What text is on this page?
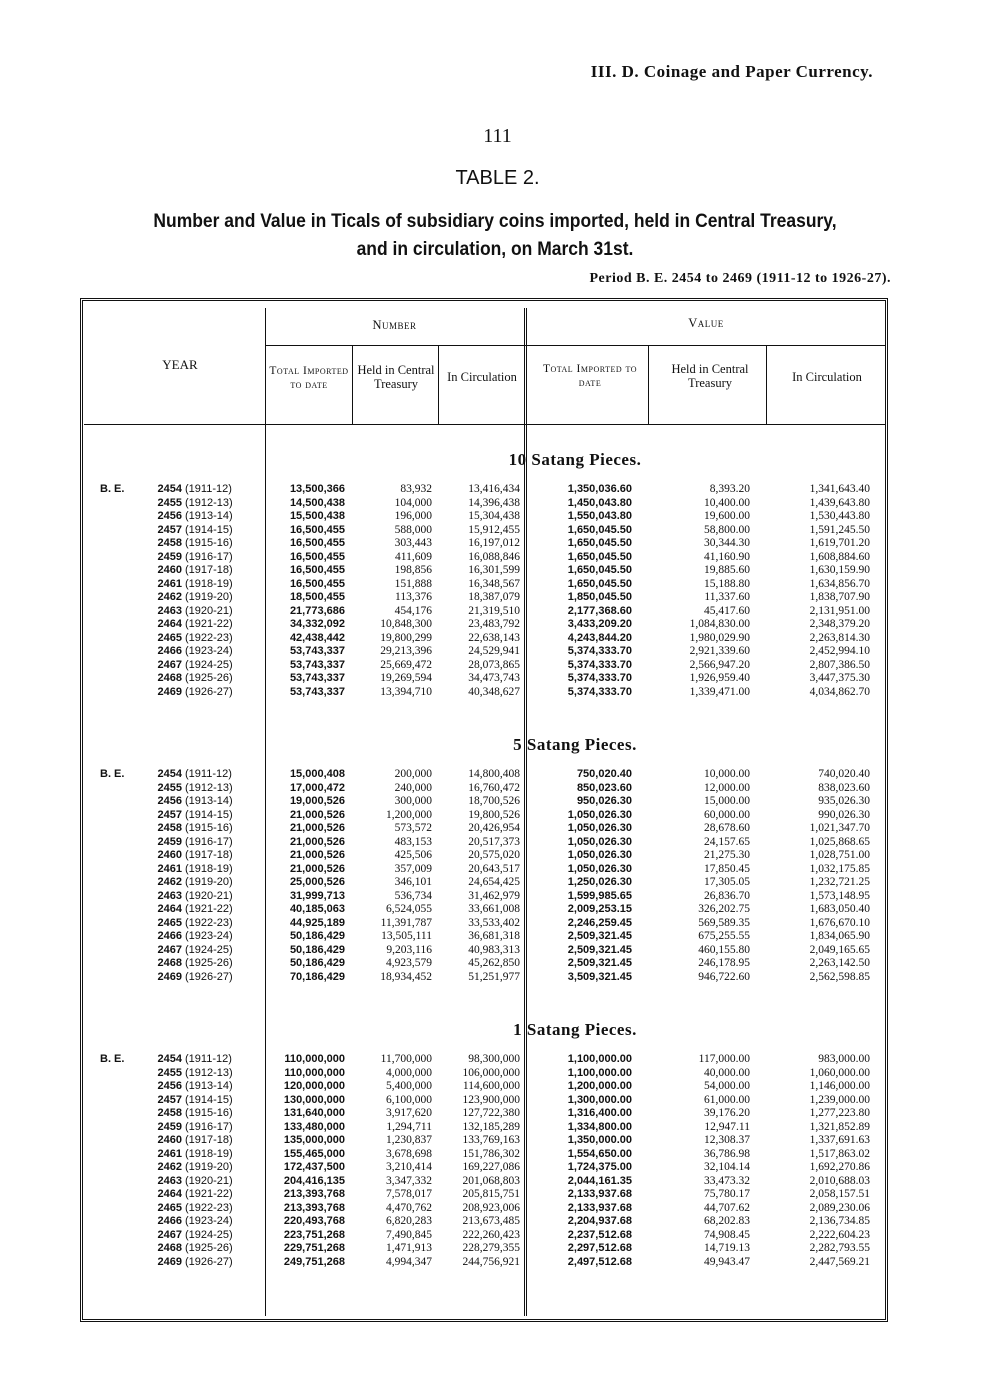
III. D. Coinage and Paper Currency.
111
TABLE 2.
Number and Value in Ticals of subsidiary coins imported, held in Central Treasury,
and in circulation, on March 31st.
Period B. E. 2454 to 2469 (1911-12 to 1926-27).
YEAR
Number	Value
Total Imported to date
Held in Central Treasury	In Circulation
Total Imported to date
Held in Central Treasury	In Circulation
10 Satang Pieces.
5 Satang Pieces.
1 Satang Pieces.
B. E.	2454 (1911-12)	13,500,366	83,932	13,416,434	1,350,036.60	8,393.20	1,341,643.40
2455 (1912-13)	14,500,438	104,000	14,396,438	1,450,043.80	10,400.00	1,439,643.80
2456 (1913-14)	15,500,438	196,000	15,304,438	1,550,043.80	19,600.00	1,530,443.80
2457 (1914-15)	16,500,455	588,000	15,912,455	1,650,045.50	58,800.00	1,591,245.50
2458 (1915-16)	16,500,455	303,443	16,197,012	1,650,045.50	30,344.30	1,619,701.20
2459 (1916-17)	16,500,455	411,609	16,088,846	1,650,045.50	41,160.90	1,608,884.60
2460 (1917-18)	16,500,455	198,856	16,301,599	1,650,045.50	19,885.60	1,630,159.90
2461 (1918-19)	16,500,455	151,888	16,348,567	1,650,045.50	15,188.80	1,634,856.70
2462 (1919-20)	18,500,455	113,376	18,387,079	1,850,045.50	11,337.60	1,838,707.90
2463 (1920-21)	21,773,686	454,176	21,319,510	2,177,368.60	45,417.60	2,131,951.00
2464 (1921-22)	34,332,092	10,848,300	23,483,792	3,433,209.20	1,084,830.00	2,348,379.20
2465 (1922-23)	42,438,442	19,800,299	22,638,143	4,243,844.20	1,980,029.90	2,263,814.30
2466 (1923-24)	53,743,337	29,213,396	24,529,941	5,374,333.70	2,921,339.60	2,452,994.10
2467 (1924-25)	53,743,337	25,669,472	28,073,865	5,374,333.70	2,566,947.20	2,807,386.50
2468 (1925-26)	53,743,337	19,269,594	34,473,743	5,374,333.70	1,926,959.40	3,447,375.30
2469 (1926-27)	53,743,337	13,394,710	40,348,627	5,374,333.70	1,339,471.00	4,034,862.70
B. E.	2454 (1911-12)	15,000,408	200,000	14,800,408	750,020.40	10,000.00	740,020.40
2455 (1912-13)	17,000,472	240,000	16,760,472	850,023.60	12,000.00	838,023.60
2456 (1913-14)	19,000,526	300,000	18,700,526	950,026.30	15,000.00	935,026.30
2457 (1914-15)	21,000,526	1,200,000	19,800,526	1,050,026.30	60,000.00	990,026.30
2458 (1915-16)	21,000,526	573,572	20,426,954	1,050,026.30	28,678.60	1,021,347.70
2459 (1916-17)	21,000,526	483,153	20,517,373	1,050,026.30	24,157.65	1,025,868.65
2460 (1917-18)	21,000,526	425,506	20,575,020	1,050,026.30	21,275.30	1,028,751.00
2461 (1918-19)	21,000,526	357,009	20,643,517	1,050,026.30	17,850.45	1,032,175.85
2462 (1919-20)	25,000,526	346,101	24,654,425	1,250,026.30	17,305.05	1,232,721.25
2463 (1920-21)	31,999,713	536,734	31,462,979	1,599,985.65	26,836.70	1,573,148.95
2464 (1921-22)	40,185,063	6,524,055	33,661,008	2,009,253.15	326,202.75	1,683,050.40
2465 (1922-23)	44,925,189	11,391,787	33,533,402	2,246,259.45	569,589.35	1,676,670.10
2466 (1923-24)	50,186,429	13,505,111	36,681,318	2,509,321.45	675,255.55	1,834,065.90
2467 (1924-25)	50,186,429	9,203,116	40,983,313	2,509,321.45	460,155.80	2,049,165.65
2468 (1925-26)	50,186,429	4,923,579	45,262,850	2,509,321.45	246,178.95	2,263,142.50
2469 (1926-27)	70,186,429	18,934,452	51,251,977	3,509,321.45	946,722.60	2,562,598.85
B. E.	2454 (1911-12)	110,000,000	11,700,000	98,300,000	1,100,000.00	117,000.00	983,000.00
2455 (1912-13)	110,000,000	4,000,000	106,000,000	1,100,000.00	40,000.00	1,060,000.00
2456 (1913-14)	120,000,000	5,400,000	114,600,000	1,200,000.00	54,000.00	1,146,000.00
2457 (1914-15)	130,000,000	6,100,000	123,900,000	1,300,000.00	61,000.00	1,239,000.00
2458 (1915-16)	131,640,000	3,917,620	127,722,380	1,316,400.00	39,176.20	1,277,223.80
2459 (1916-17)	133,480,000	1,294,711	132,185,289	1,334,800.00	12,947.11	1,321,852.89
2460 (1917-18)	135,000,000	1,230,837	133,769,163	1,350,000.00	12,308.37	1,337,691.63
2461 (1918-19)	155,465,000	3,678,698	151,786,302	1,554,650.00	36,786.98	1,517,863.02
2462 (1919-20)	172,437,500	3,210,414	169,227,086	1,724,375.00	32,104.14	1,692,270.86
2463 (1920-21)	204,416,135	3,347,332	201,068,803	2,044,161.35	33,473.32	2,010,688.03
2464 (1921-22)	213,393,768	7,578,017	205,815,751	2,133,937.68	75,780.17	2,058,157.51
2465 (1922-23)	213,393,768	4,470,762	208,923,006	2,133,937.68	44,707.62	2,089,230.06
2466 (1923-24)	220,493,768	6,820,283	213,673,485	2,204,937.68	68,202.83	2,136,734.85
2467 (1924-25)	223,751,268	7,490,845	222,260,423	2,237,512.68	74,908.45	2,222,604.23
2468 (1925-26)	229,751,268	1,471,913	228,279,355	2,297,512.68	14,719.13	2,282,793.55
2469 (1926-27)	249,751,268	4,994,347	244,756,921	2,497,512.68	49,943.47	2,447,569.21
